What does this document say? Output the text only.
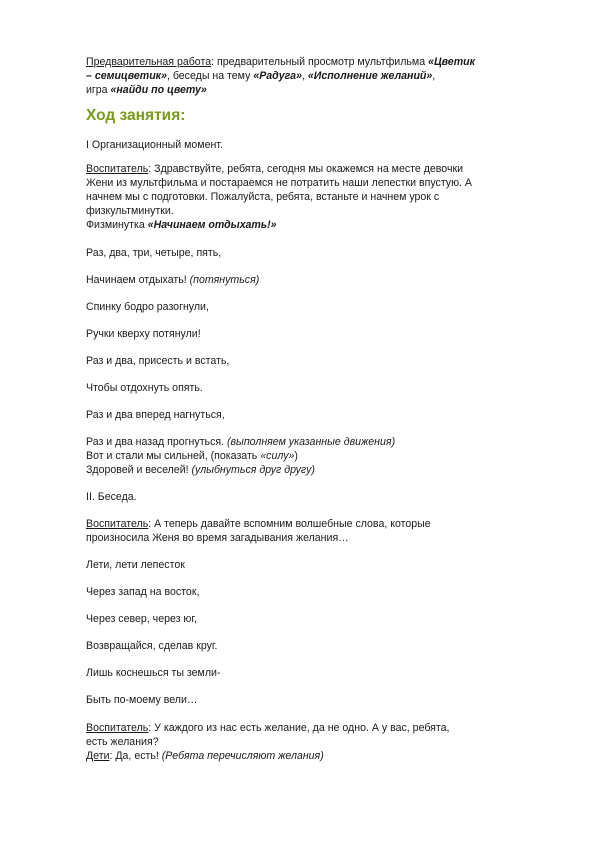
Предварительная работа: предварительный просмотр мультфильма «Цветик

– семицветик», беседы на тему «Радуга», «Исполнение желаний»,

игра «найди по цвету»

Ход занятия:

I Организационный момент.

Воспитатель: Здравствуйте, ребята, сегодня мы окажемся на месте девочки

Жени из мультфильма и постараемся не потратить наши лепестки впустую. А

начнем мы с подготовки. Пожалуйста, ребята, встаньте и начнем урок с

физкультминутки.

Физминутка «Начинаем отдыхать!»

Раз, два, три, четыре, пять,

Начинаем отдыхать! (потянуться)

Спинку бодро разогнули,

Ручки кверху потянули!

Раз и два, присесть и встать,

Чтобы отдохнуть опять.

Раз и два вперед нагнуться,

Раз и два назад прогнуться. (выполняем указанные движения)

Вот и стали мы сильней, (показать «силу»)

Здоровей и веселей! (улыбнуться друг другу)

II. Беседа.

Воспитатель: А теперь давайте вспомним волшебные слова, которые

произносила Женя во время загадывания желания…

Лети, лети лепесток

Через запад на восток,

Через север, через юг,

Возвращайся, сделав круг.

Лишь коснешься ты земли-

Быть по-моему вели…

Воспитатель: У каждого из нас есть желание, да не одно. А у вас, ребята,

есть желания?

Дети: Да, есть! (Ребята перечисляют желания)
